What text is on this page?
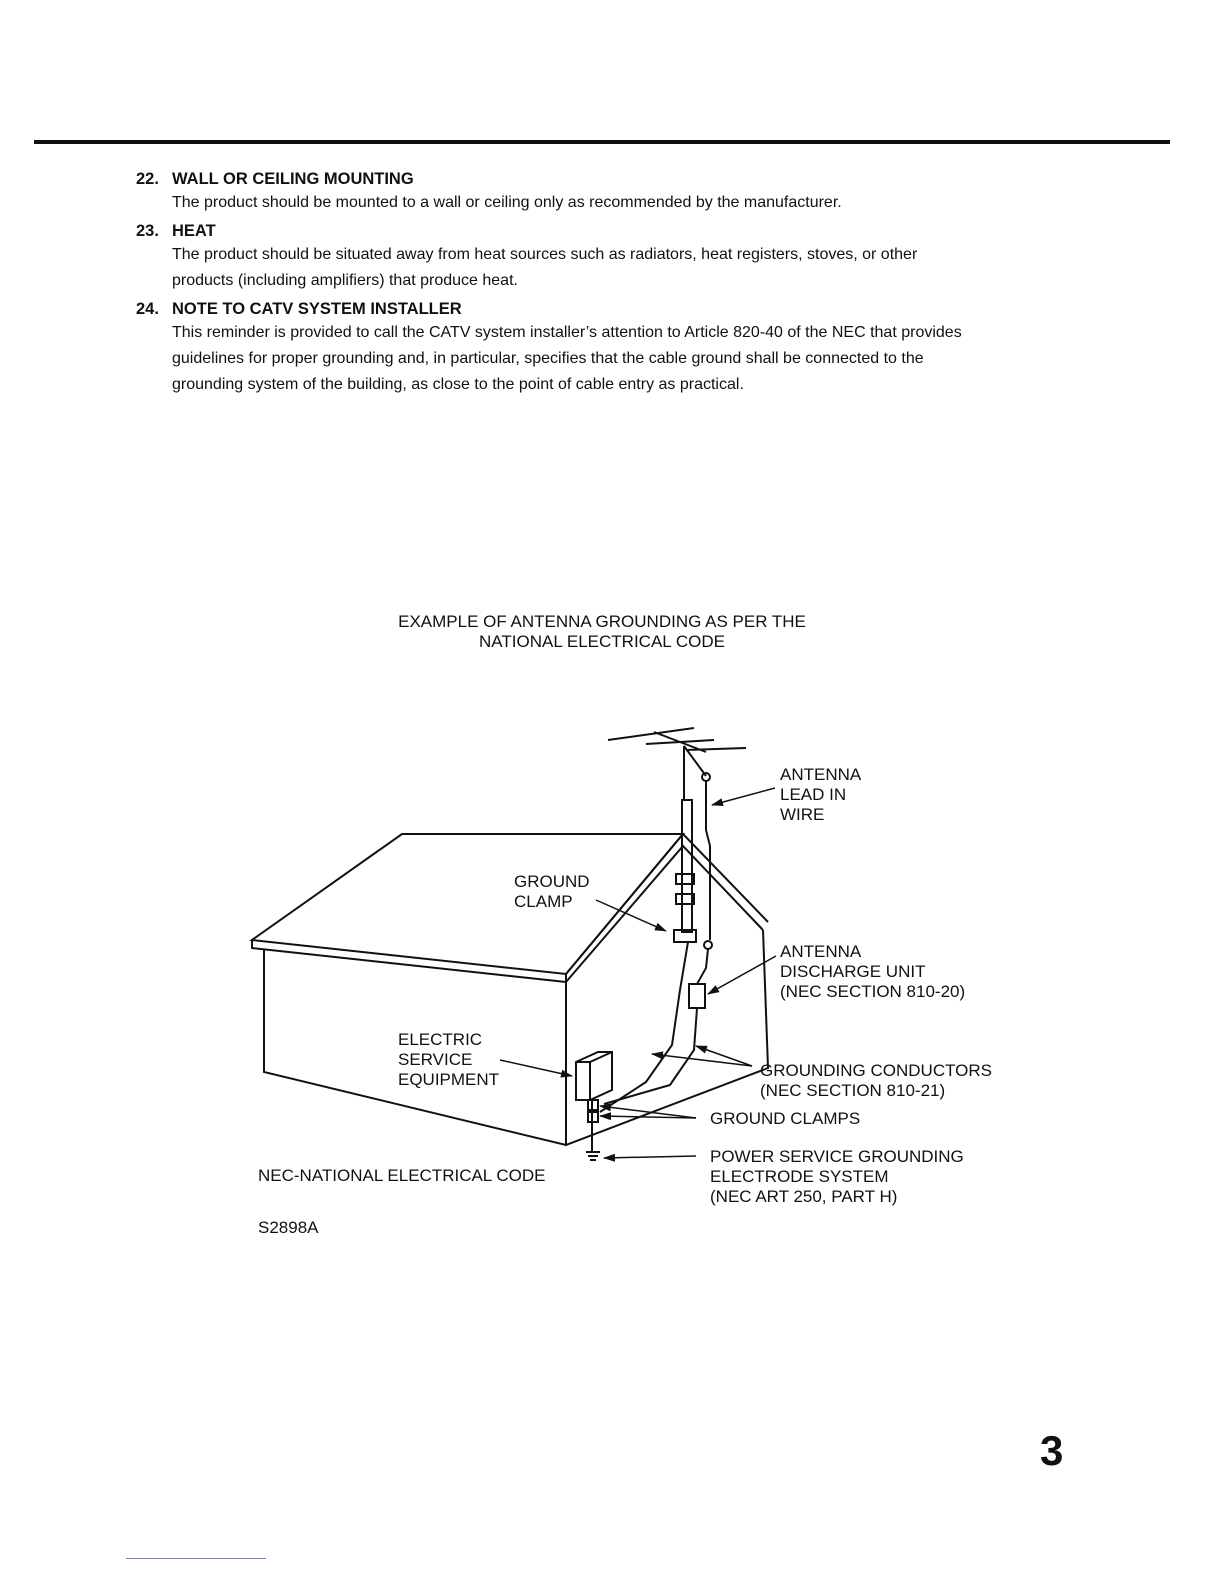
22. WALL OR CEILING MOUNTING
The product should be mounted to a wall or ceiling only as recommended by the manufacturer.
23. HEAT
The product should be situated away from heat sources such as radiators, heat registers, stoves, or other
products (including amplifiers) that produce heat.
24. NOTE TO CATV SYSTEM INSTALLER
This reminder is provided to call the CATV system installer’s attention to Article 820-40 of the NEC that provides
guidelines for proper grounding and, in particular, specifies that the cable ground shall be connected to the
grounding system of the building, as close to the point of cable entry as practical.
EXAMPLE OF ANTENNA GROUNDING AS PER THE
NATIONAL ELECTRICAL CODE
ANTENNA
LEAD IN
WIRE
GROUND
CLAMP
ANTENNA
DISCHARGE UNIT
(NEC SECTION 810-20)
ELECTRIC
SERVICE
EQUIPMENT	GROUNDING CONDUCTORS
(NEC SECTION 810-21)
GROUND CLAMPS
POWER SERVICE GROUNDING
ELECTRODE SYSTEM
(NEC ART 250, PART H)
NEC-NATIONAL ELECTRICAL CODE
S2898A
3
